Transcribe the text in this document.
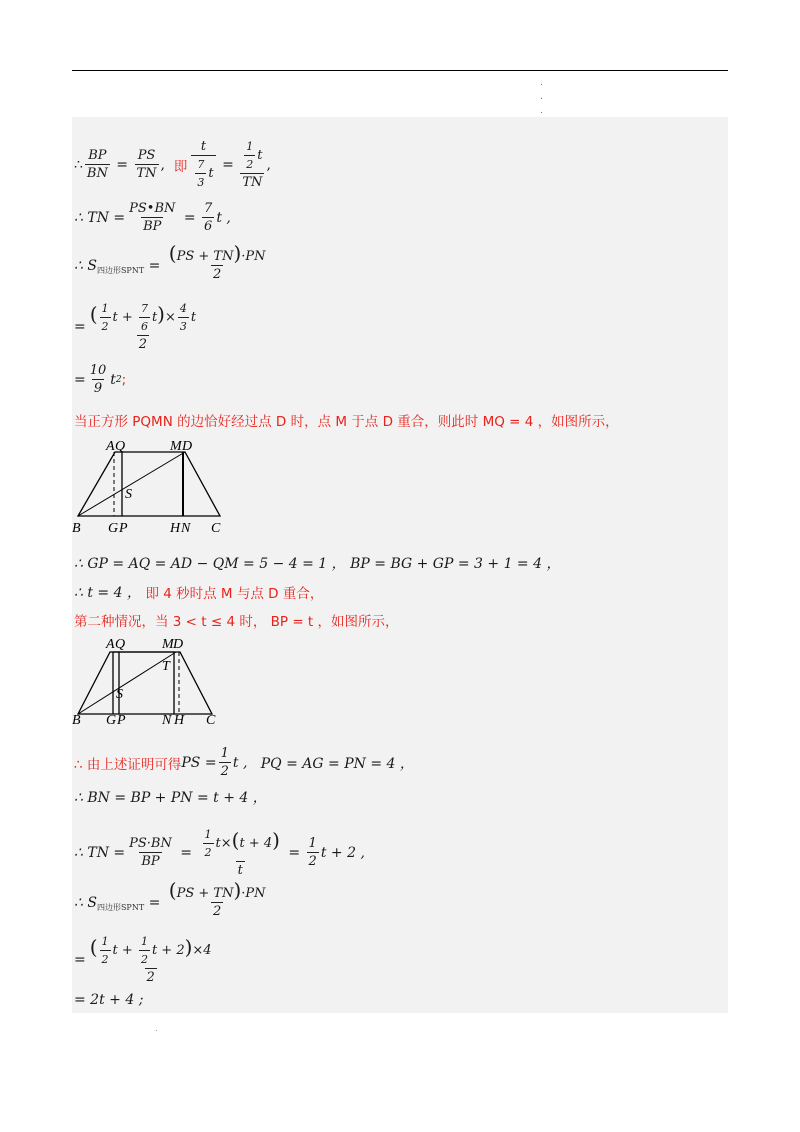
.
.
.
∴ $\frac{BP}{BN} = \frac{PS}{TN}$ , 即 $\frac{t}{\frac{7}{3} t} = \frac{\frac{1}{2} t}{TN}$ ,
∴ TN = $\frac{PS•BN}{BP} = \frac{7}{6}$ t ,
∴ S 四边形SPNT = $\frac{(PS + TN)\cdot PN}{2}$
= $\frac{( \frac{1}{2} t + \frac{7}{6} t)\times \frac{4}{3} t}{2}$
= $\frac{10}{9}$ t 2 ;
当正方形 PQMN 的边恰好经过点 D 时，点 M 于点 D 重合，则此时 MQ = 4 ，如图所示，
A Q	M D
S
B G P	H N C
∴ GP = AQ = AD − QM = 5 − 4 = 1 ， BP = BG + GP = 3 + 1 = 4 ，
∴ t = 4 ，
即 4 秒时点 M 与点 D 重合，
第二种情况，当 3 < t ≤ 4 时， BP = t ，如图所示，
A Q	M D
T
S
B G P	N H C
∴ 由上述证明可得 PS = $\frac{1}{2}$ t , PQ = AG = PN = 4 ，
∴ BN = BP + PN = t + 4 ，
∴ TN = $\frac{PS\cdot BN}{BP} = \frac{\frac{1}{2} t\times(t + 4)}{t} = \frac{1}{2}$ t + 2 ,
∴ S 四边形SPNT = $\frac{(PS + TN)\cdot PN}{2}$
= $\frac{( \frac{1}{2} t + \frac{1}{2} t + 2)\times 4}{2}$
= 2t + 4 ;
.
